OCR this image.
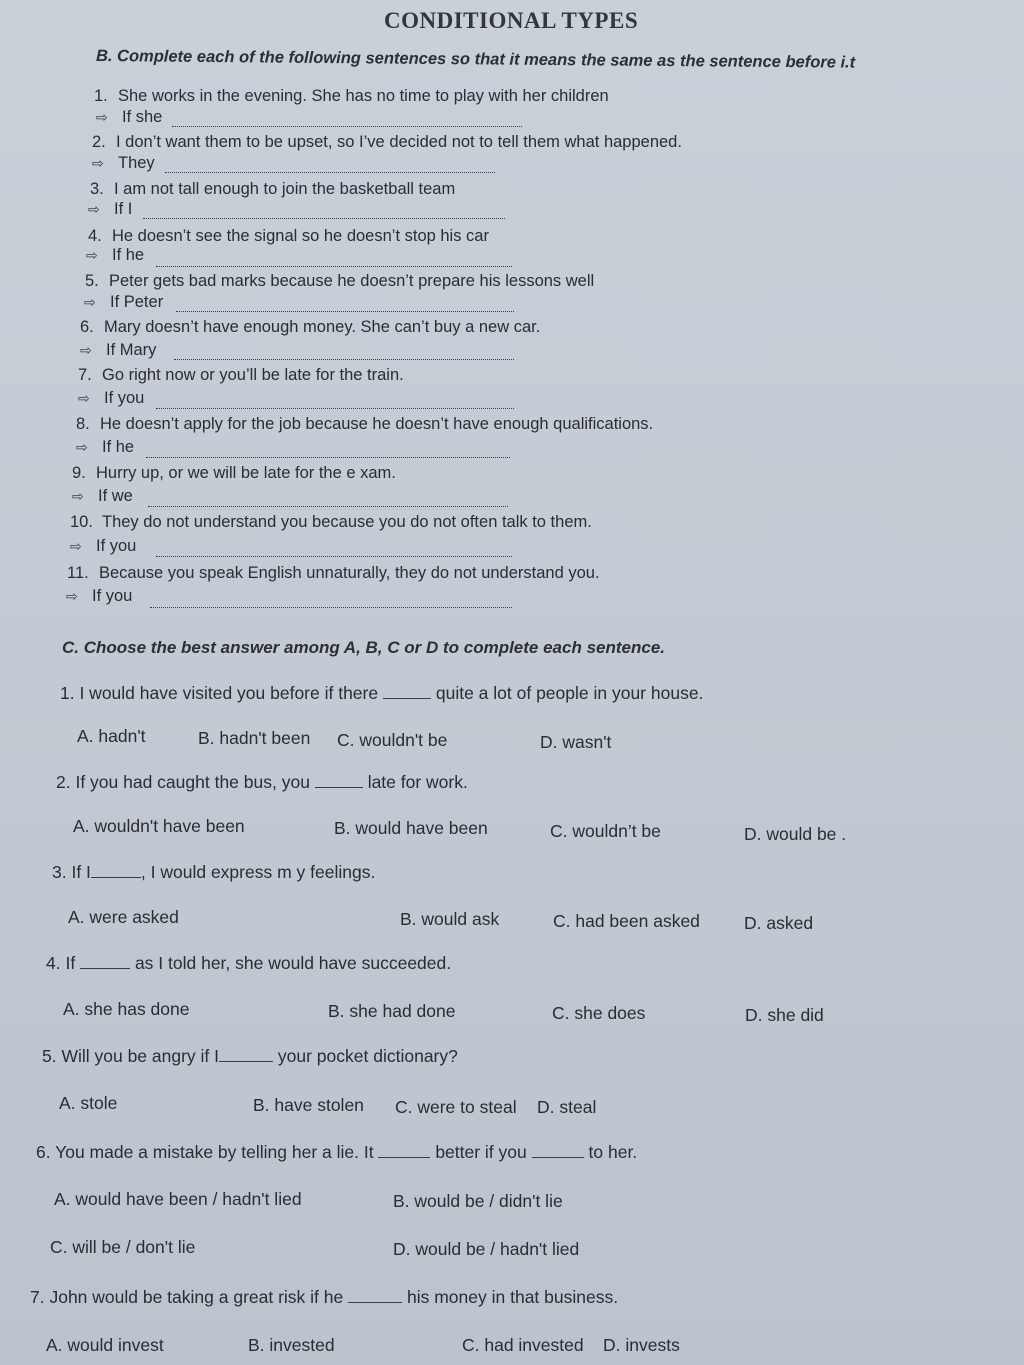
CONDITIONAL TYPES
B. Complete each of the following sentences so that it means the same as the sentence before i.t
1. She works in the evening. She has no time to play with her children
⇨ If she
2. I don’t want them to be upset, so I’ve decided not to tell them what happened.
⇨ They
3. I am not tall enough to join the basketball team
⇨ If I
4. He doesn’t see the signal so he doesn’t stop his car
⇨ If he
5. Peter gets bad marks because he doesn’t prepare his lessons well
⇨ If Peter
6. Mary doesn’t have enough money. She can’t buy a new car.
⇨ If Mary
7. Go right now or you’ll be late for the train.
⇨ If you
8. He doesn’t apply for the job because he doesn’t have enough qualifications.
⇨ If he
9. Hurry up, or we will be late for the e xam.
⇨ If we
10. They do not understand you because you do not often talk to them.
⇨ If you
11. Because you speak English unnaturally, they do not understand you.
⇨ If you
C. Choose the best answer among A, B, C or D to complete each sentence.
1. I would have visited you before if there	quite a lot of people in your house.
A. hadn't	B. hadn't been C. wouldn't be	D. wasn't
2. If you had caught the bus, you	late for work.
A. wouldn't have been	B. would have been	C. wouldn’t be	D. would be .
3. If I	, I would express m y feelings.
A. were asked	B. would ask	C. had been asked	D. asked
4. If	as I told her, she would have succeeded.
A. she has done	B. she had done	C. she does	D. she did
5. Will you be angry if I	your pocket dictionary?
A. stole	B. have stolen C. were to steal D. steal
6. You made a mistake by telling her a lie. It	better if you	to her.
A. would have been / hadn't lied	B. would be / didn't lie
C. will be / don't lie	D. would be / hadn't lied
7. John would be taking a great risk if he	his money in that business.
A. would invest	B. invested	C. had invested D. invests
